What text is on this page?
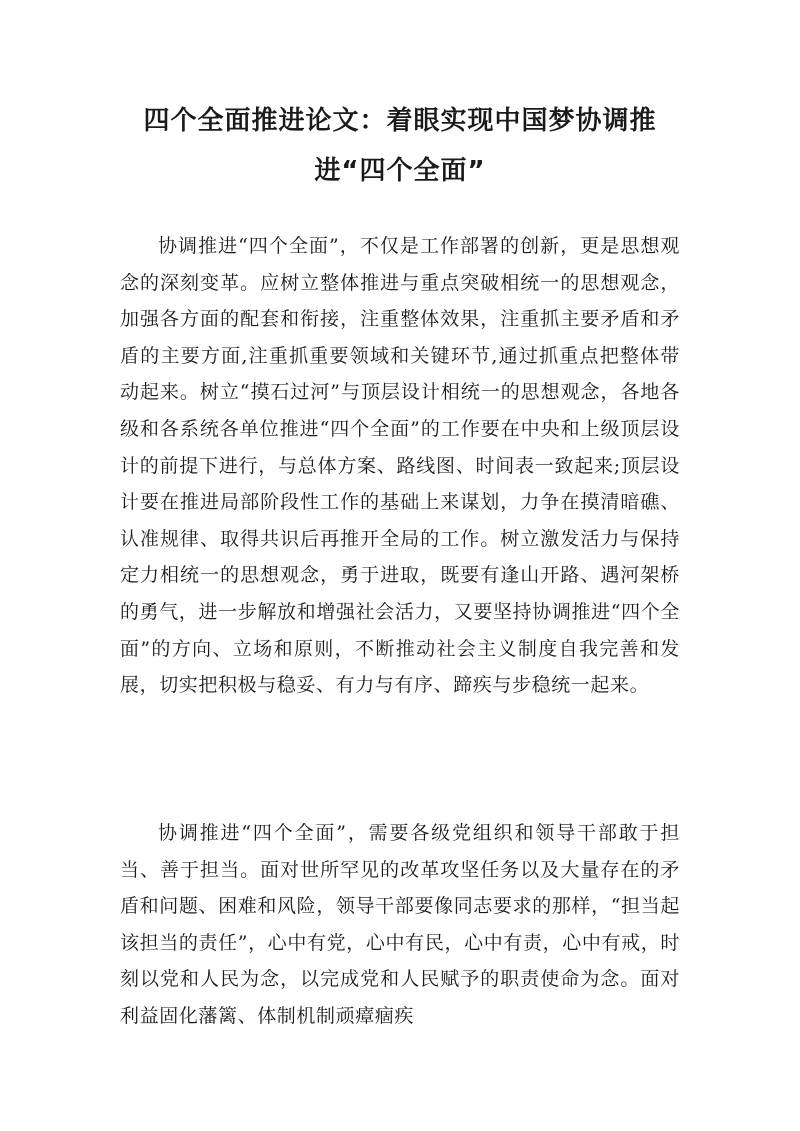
四个全面推进论文：着眼实现中国梦协调推进“四个全面”

协调推进“四个全面”，不仅是工作部署的创新，更是思想观念的深刻变革。应树立整体推进与重点突破相统一的思想观念，加强各方面的配套和衔接，注重整体效果，注重抓主要矛盾和矛盾的主要方面,注重抓重要领域和关键环节,通过抓重点把整体带动起来。树立“摸石过河”与顶层设计相统一的思想观念，各地各级和各系统各单位推进“四个全面”的工作要在中央和上级顶层设计的前提下进行，与总体方案、路线图、时间表一致起来;顶层设计要在推进局部阶段性工作的基础上来谋划，力争在摸清暗礁、认准规律、取得共识后再推开全局的工作。树立激发活力与保持定力相统一的思想观念，勇于进取，既要有逢山开路、遇河架桥的勇气，进一步解放和增强社会活力，又要坚持协调推进“四个全面”的方向、立场和原则，不断推动社会主义制度自我完善和发展，切实把积极与稳妥、有力与有序、蹄疾与步稳统一起来。

协调推进“四个全面”，需要各级党组织和领导干部敢于担当、善于担当。面对世所罕见的改革攻坚任务以及大量存在的矛盾和问题、困难和风险，领导干部要像同志要求的那样，“担当起该担当的责任”，心中有党，心中有民，心中有责，心中有戒，时刻以党和人民为念，以完成党和人民赋予的职责使命为念。面对利益固化藩篱、体制机制顽瘴痼疾
